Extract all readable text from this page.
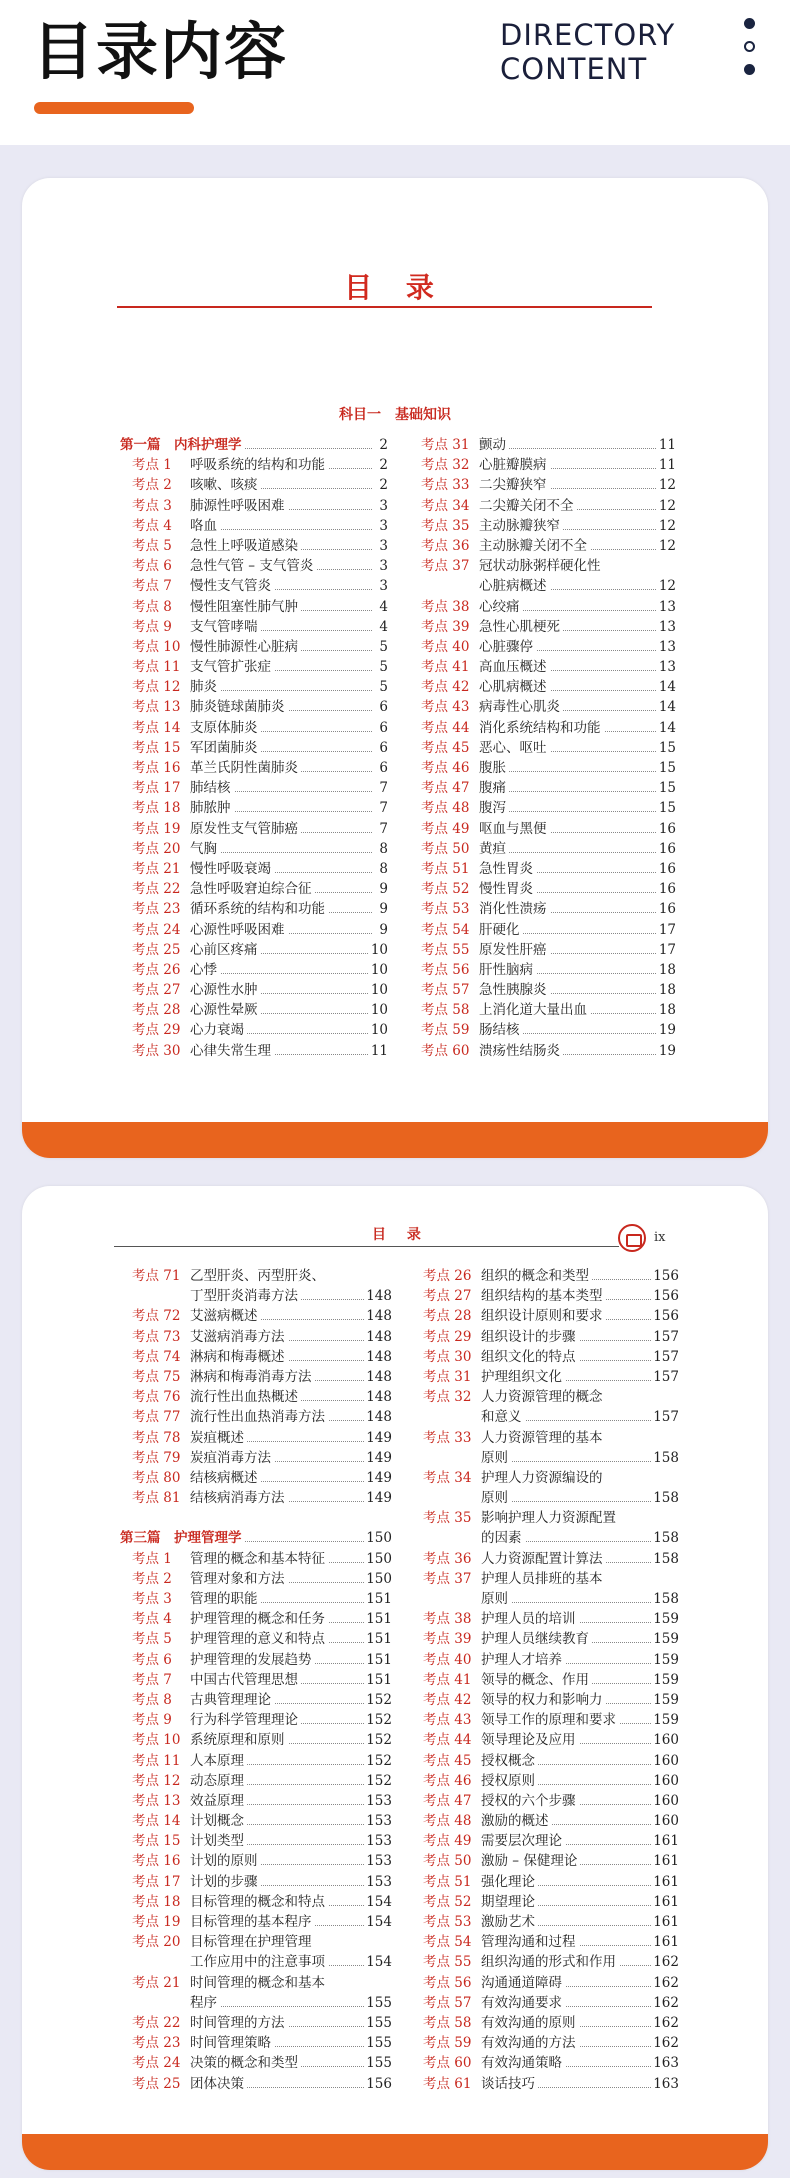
目录内容	DIRECTORY
CONTENT
目 录
科目一　基础知识
第一篇 内科护理学	2
考点 1 呼吸系统的结构和功能	2
考点 2 咳嗽、咳痰	2
考点 3 肺源性呼吸困难	3
考点 4 咯血	3
考点 5 急性上呼吸道感染	3
考点 6 急性气管 – 支气管炎	3
考点 7 慢性支气管炎	3
考点 8 慢性阻塞性肺气肿	4
考点 9 支气管哮喘	4
考点 10 慢性肺源性心脏病	5
考点 11 支气管扩张症	5
考点 12 肺炎	5
考点 13 肺炎链球菌肺炎	6
考点 14 支原体肺炎	6
考点 15 军团菌肺炎	6
考点 16 革兰氏阴性菌肺炎	6
考点 17 肺结核	7
考点 18 肺脓肿	7
考点 19 原发性支气管肺癌	7
考点 20 气胸	8
考点 21 慢性呼吸衰竭	8
考点 22 急性呼吸窘迫综合征	9
考点 23 循环系统的结构和功能	9
考点 24 心源性呼吸困难	9
考点 25 心前区疼痛	10
考点 26 心悸	10
考点 27 心源性水肿	10
考点 28 心源性晕厥	10
考点 29 心力衰竭	10
考点 30 心律失常生理	11
考点 31 颤动	11
考点 32 心脏瓣膜病	11
考点 33 二尖瓣狭窄	12
考点 34 二尖瓣关闭不全	12
考点 35 主动脉瓣狭窄	12
考点 36 主动脉瓣关闭不全	12
考点 37 冠状动脉粥样硬化性
心脏病概述	12
考点 38 心绞痛	13
考点 39 急性心肌梗死	13
考点 40 心脏骤停	13
考点 41 高血压概述	13
考点 42 心肌病概述	14
考点 43 病毒性心肌炎	14
考点 44 消化系统结构和功能	14
考点 45 恶心、呕吐	15
考点 46 腹胀	15
考点 47 腹痛	15
考点 48 腹泻	15
考点 49 呕血与黑便	16
考点 50 黄疸	16
考点 51 急性胃炎	16
考点 52 慢性胃炎	16
考点 53 消化性溃疡	16
考点 54 肝硬化	17
考点 55 原发性肝癌	17
考点 56 肝性脑病	18
考点 57 急性胰腺炎	18
考点 58 上消化道大量出血	18
考点 59 肠结核	19
考点 60 溃疡性结肠炎	19
目 录	ix
考点 71 乙型肝炎、丙型肝炎、
丁型肝炎消毒方法	148
考点 72 艾滋病概述	148
考点 73 艾滋病消毒方法	148
考点 74 淋病和梅毒概述	148
考点 75 淋病和梅毒消毒方法	148
考点 76 流行性出血热概述	148
考点 77 流行性出血热消毒方法	148
考点 78 炭疽概述	149
考点 79 炭疽消毒方法	149
考点 80 结核病概述	149
考点 81 结核病消毒方法	149
第三篇 护理管理学	150
考点 1 管理的概念和基本特征	150
考点 2 管理对象和方法	150
考点 3 管理的职能	151
考点 4 护理管理的概念和任务	151
考点 5 护理管理的意义和特点	151
考点 6 护理管理的发展趋势	151
考点 7 中国古代管理思想	151
考点 8 古典管理理论	152
考点 9 行为科学管理理论	152
考点 10 系统原理和原则	152
考点 11 人本原理	152
考点 12 动态原理	152
考点 13 效益原理	153
考点 14 计划概念	153
考点 15 计划类型	153
考点 16 计划的原则	153
考点 17 计划的步骤	153
考点 18 目标管理的概念和特点	154
考点 19 目标管理的基本程序	154
考点 20 目标管理在护理管理
工作应用中的注意事项	154
考点 21 时间管理的概念和基本
程序	155
考点 22 时间管理的方法	155
考点 23 时间管理策略	155
考点 24 决策的概念和类型	155
考点 25 团体决策	156
考点 26 组织的概念和类型	156
考点 27 组织结构的基本类型	156
考点 28 组织设计原则和要求	156
考点 29 组织设计的步骤	157
考点 30 组织文化的特点	157
考点 31 护理组织文化	157
考点 32 人力资源管理的概念
和意义	157
考点 33 人力资源管理的基本
原则	158
考点 34 护理人力资源编设的
原则	158
考点 35 影响护理人力资源配置
的因素	158
考点 36 人力资源配置计算法	158
考点 37 护理人员排班的基本
原则	158
考点 38 护理人员的培训	159
考点 39 护理人员继续教育	159
考点 40 护理人才培养	159
考点 41 领导的概念、作用	159
考点 42 领导的权力和影响力	159
考点 43 领导工作的原理和要求	159
考点 44 领导理论及应用	160
考点 45 授权概念	160
考点 46 授权原则	160
考点 47 授权的六个步骤	160
考点 48 激励的概述	160
考点 49 需要层次理论	161
考点 50 激励 – 保健理论	161
考点 51 强化理论	161
考点 52 期望理论	161
考点 53 激励艺术	161
考点 54 管理沟通和过程	161
考点 55 组织沟通的形式和作用	162
考点 56 沟通通道障碍	162
考点 57 有效沟通要求	162
考点 58 有效沟通的原则	162
考点 59 有效沟通的方法	162
考点 60 有效沟通策略	163
考点 61 谈话技巧	163
